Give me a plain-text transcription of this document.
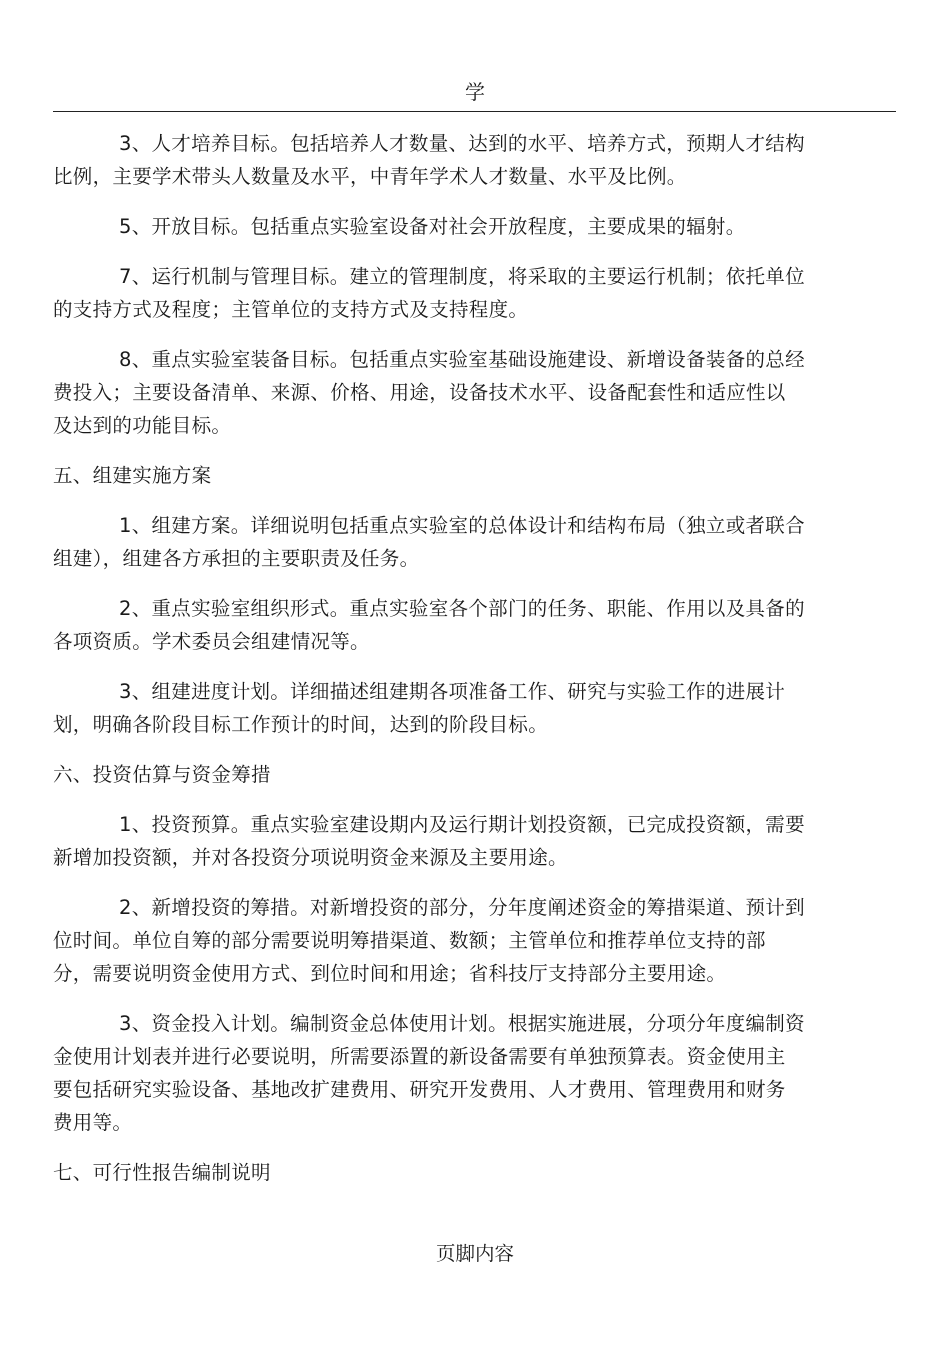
学
3、人才培养目标。包括培养人才数量、达到的水平、培养方式，预期人才结构
比例，主要学术带头人数量及水平，中青年学术人才数量、水平及比例。
5、开放目标。包括重点实验室设备对社会开放程度，主要成果的辐射。
7、运行机制与管理目标。建立的管理制度，将采取的主要运行机制；依托单位
的支持方式及程度；主管单位的支持方式及支持程度。
8、重点实验室装备目标。包括重点实验室基础设施建设、新增设备装备的总经
费投入；主要设备清单、来源、价格、用途，设备技术水平、设备配套性和适应性以
及达到的功能目标。
五、组建实施方案
1、组建方案。详细说明包括重点实验室的总体设计和结构布局（独立或者联合
组建），组建各方承担的主要职责及任务。
2、重点实验室组织形式。重点实验室各个部门的任务、职能、作用以及具备的
各项资质。学术委员会组建情况等。
3、组建进度计划。详细描述组建期各项准备工作、研究与实验工作的进展计
划，明确各阶段目标工作预计的时间，达到的阶段目标。
六、投资估算与资金筹措
1、投资预算。重点实验室建设期内及运行期计划投资额，已完成投资额，需要
新增加投资额，并对各投资分项说明资金来源及主要用途。
2、新增投资的筹措。对新增投资的部分，分年度阐述资金的筹措渠道、预计到
位时间。单位自筹的部分需要说明筹措渠道、数额；主管单位和推荐单位支持的部
分，需要说明资金使用方式、到位时间和用途；省科技厅支持部分主要用途。
3、资金投入计划。编制资金总体使用计划。根据实施进展，分项分年度编制资
金使用计划表并进行必要说明，所需要添置的新设备需要有单独预算表。资金使用主
要包括研究实验设备、基地改扩建费用、研究开发费用、人才费用、管理费用和财务
费用等。
七、可行性报告编制说明
页脚内容
